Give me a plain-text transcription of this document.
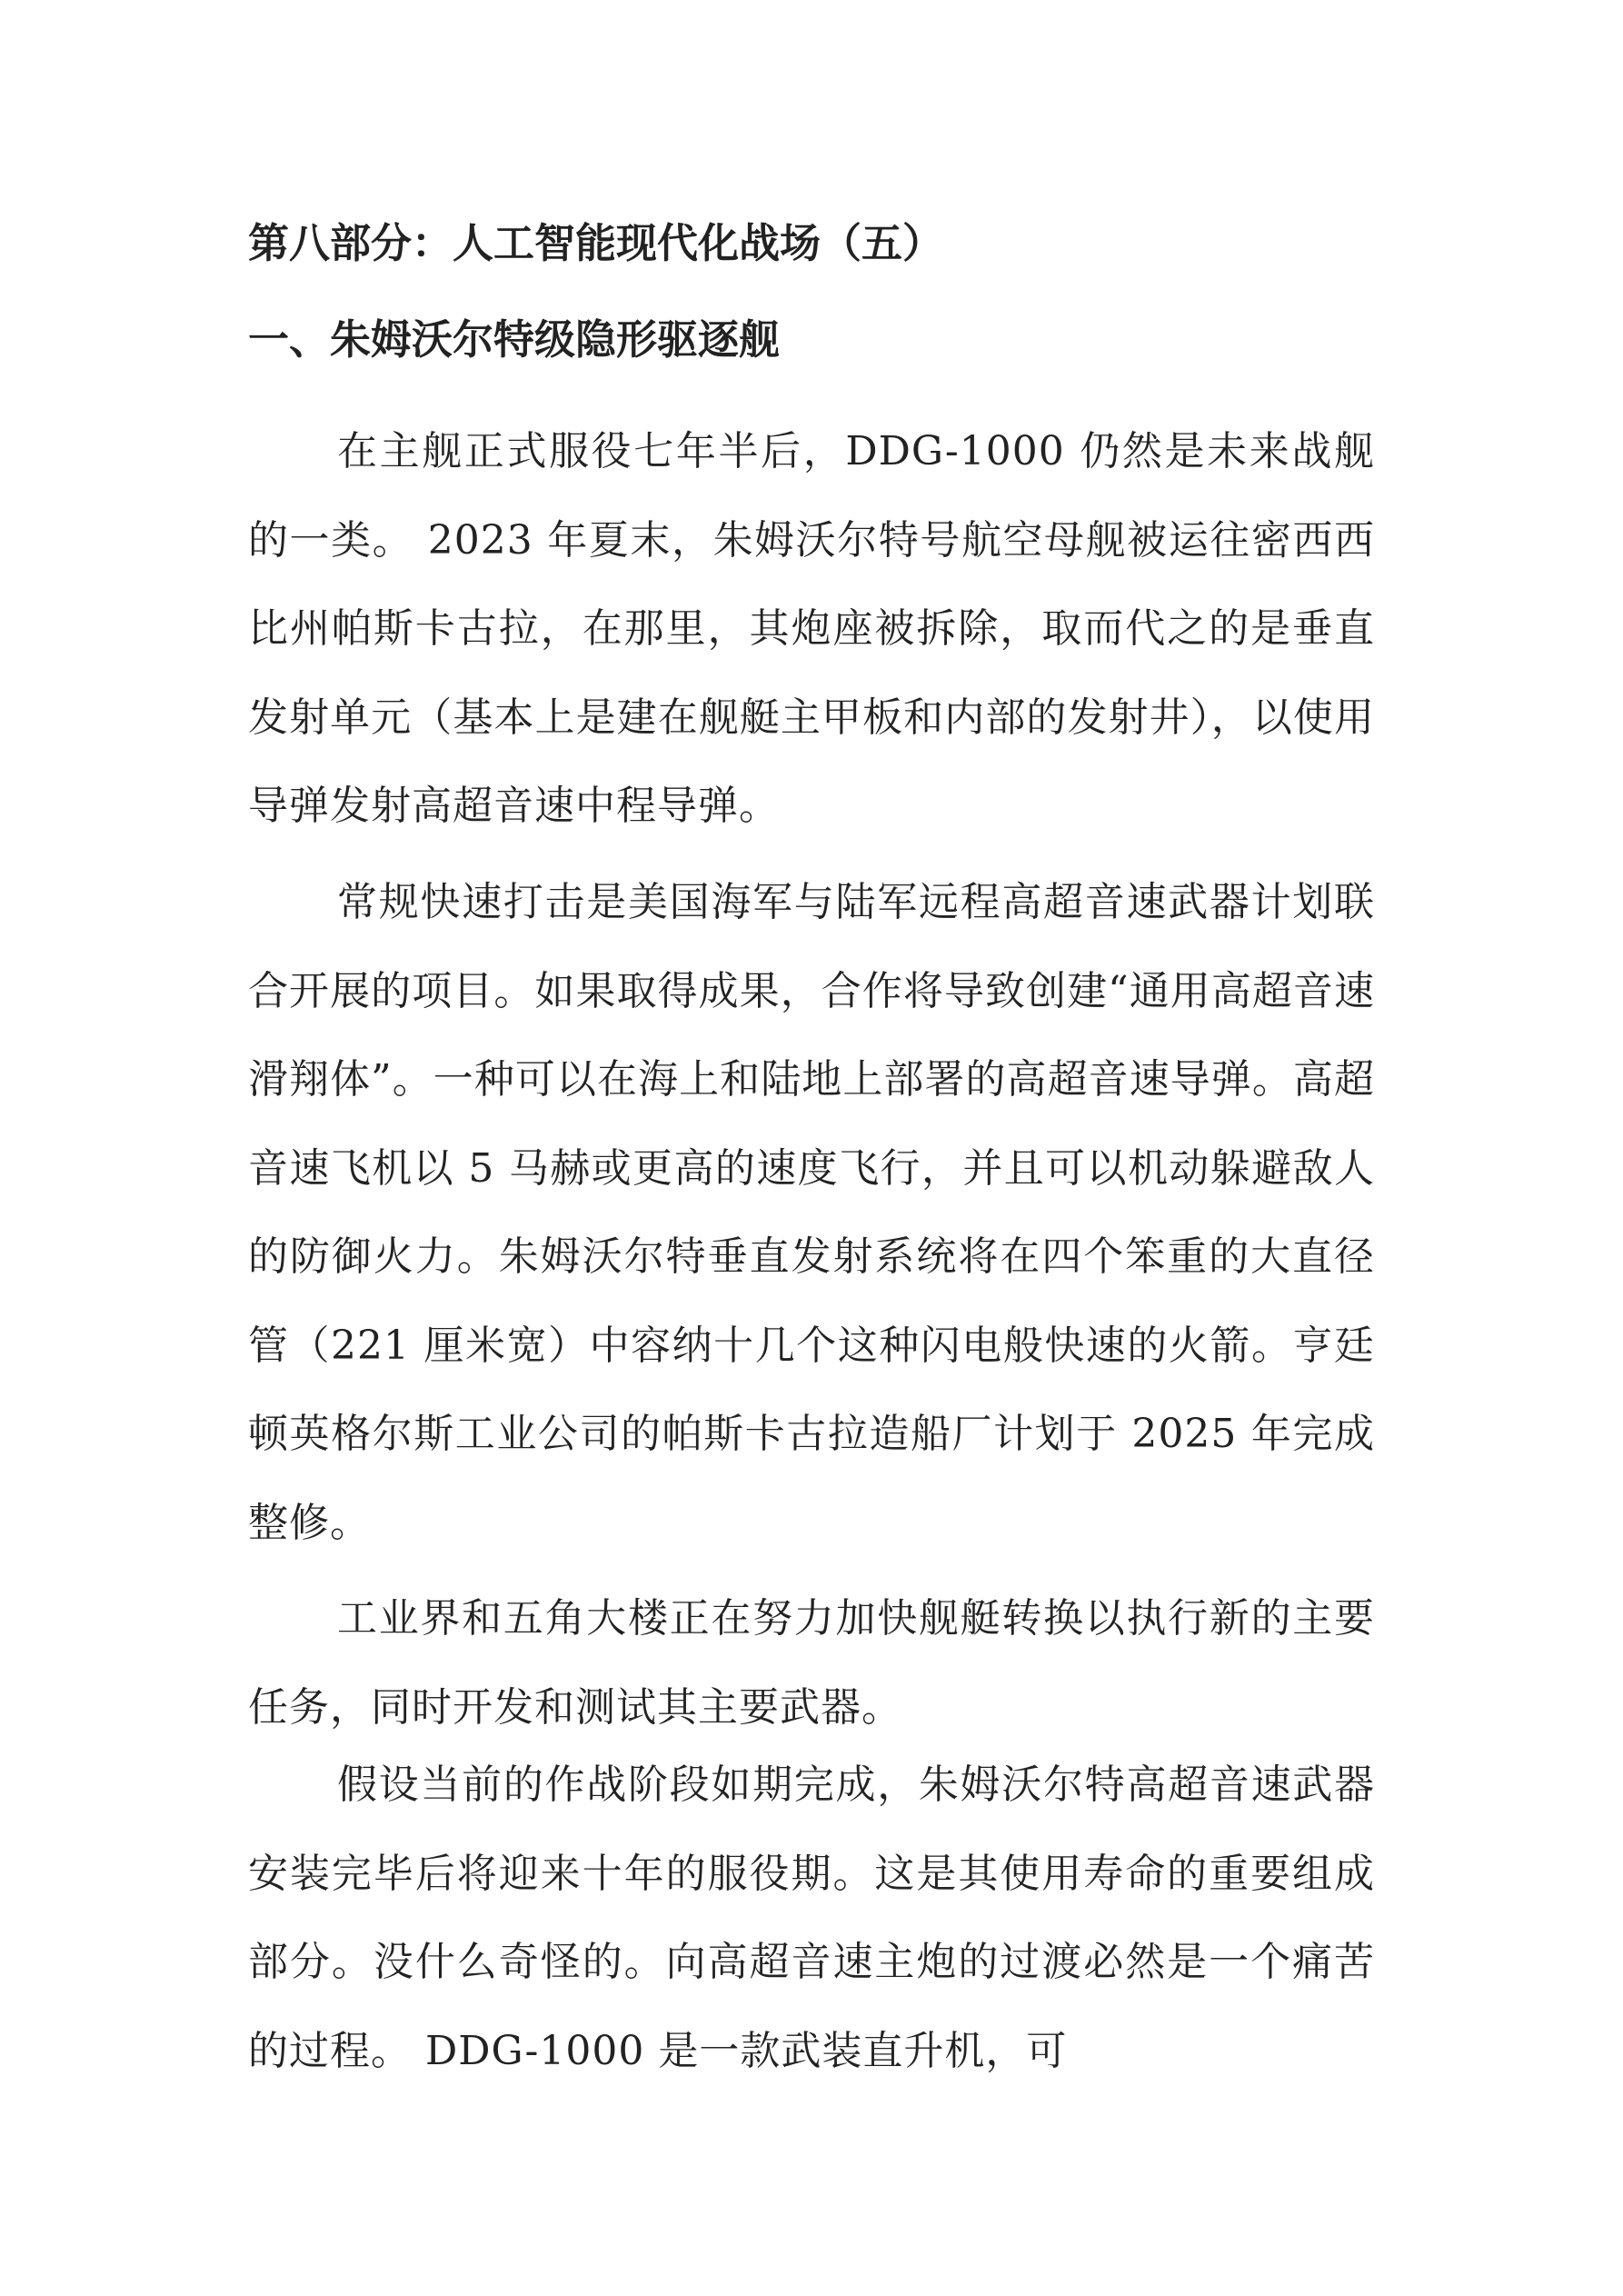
第八部分：人工智能现代化战场（五）
一、朱姆沃尔特级隐形驱逐舰

在主舰正式服役七年半后，DDG-1000 仍然是未来战舰的一类。 2023 年夏末，朱姆沃尔特号航空母舰被运往密西西比州帕斯卡古拉，在那里，其炮座被拆除，取而代之的是垂直发射单元（基本上是建在舰艇主甲板和内部的发射井），以使用导弹发射高超音速中程导弹。

常规快速打击是美国海军与陆军远程高超音速武器计划联合开展的项目。如果取得成果，合作将导致创建“通用高超音速滑翔体”。一种可以在海上和陆地上部署的高超音速导弹。高超音速飞机以 5 马赫或更高的速度飞行，并且可以机动躲避敌人的防御火力。朱姆沃尔特垂直发射系统将在四个笨重的大直径管（221 厘米宽）中容纳十几个这种闪电般快速的火箭。亨廷顿英格尔斯工业公司的帕斯卡古拉造船厂计划于 2025 年完成整修。

工业界和五角大楼正在努力加快舰艇转换以执行新的主要任务，同时开发和测试其主要武器。

假设当前的作战阶段如期完成，朱姆沃尔特高超音速武器安装完毕后将迎来十年的服役期。这是其使用寿命的重要组成部分。没什么奇怪的。向高超音速主炮的过渡必然是一个痛苦的过程。 DDG-1000 是一款武装直升机，可
